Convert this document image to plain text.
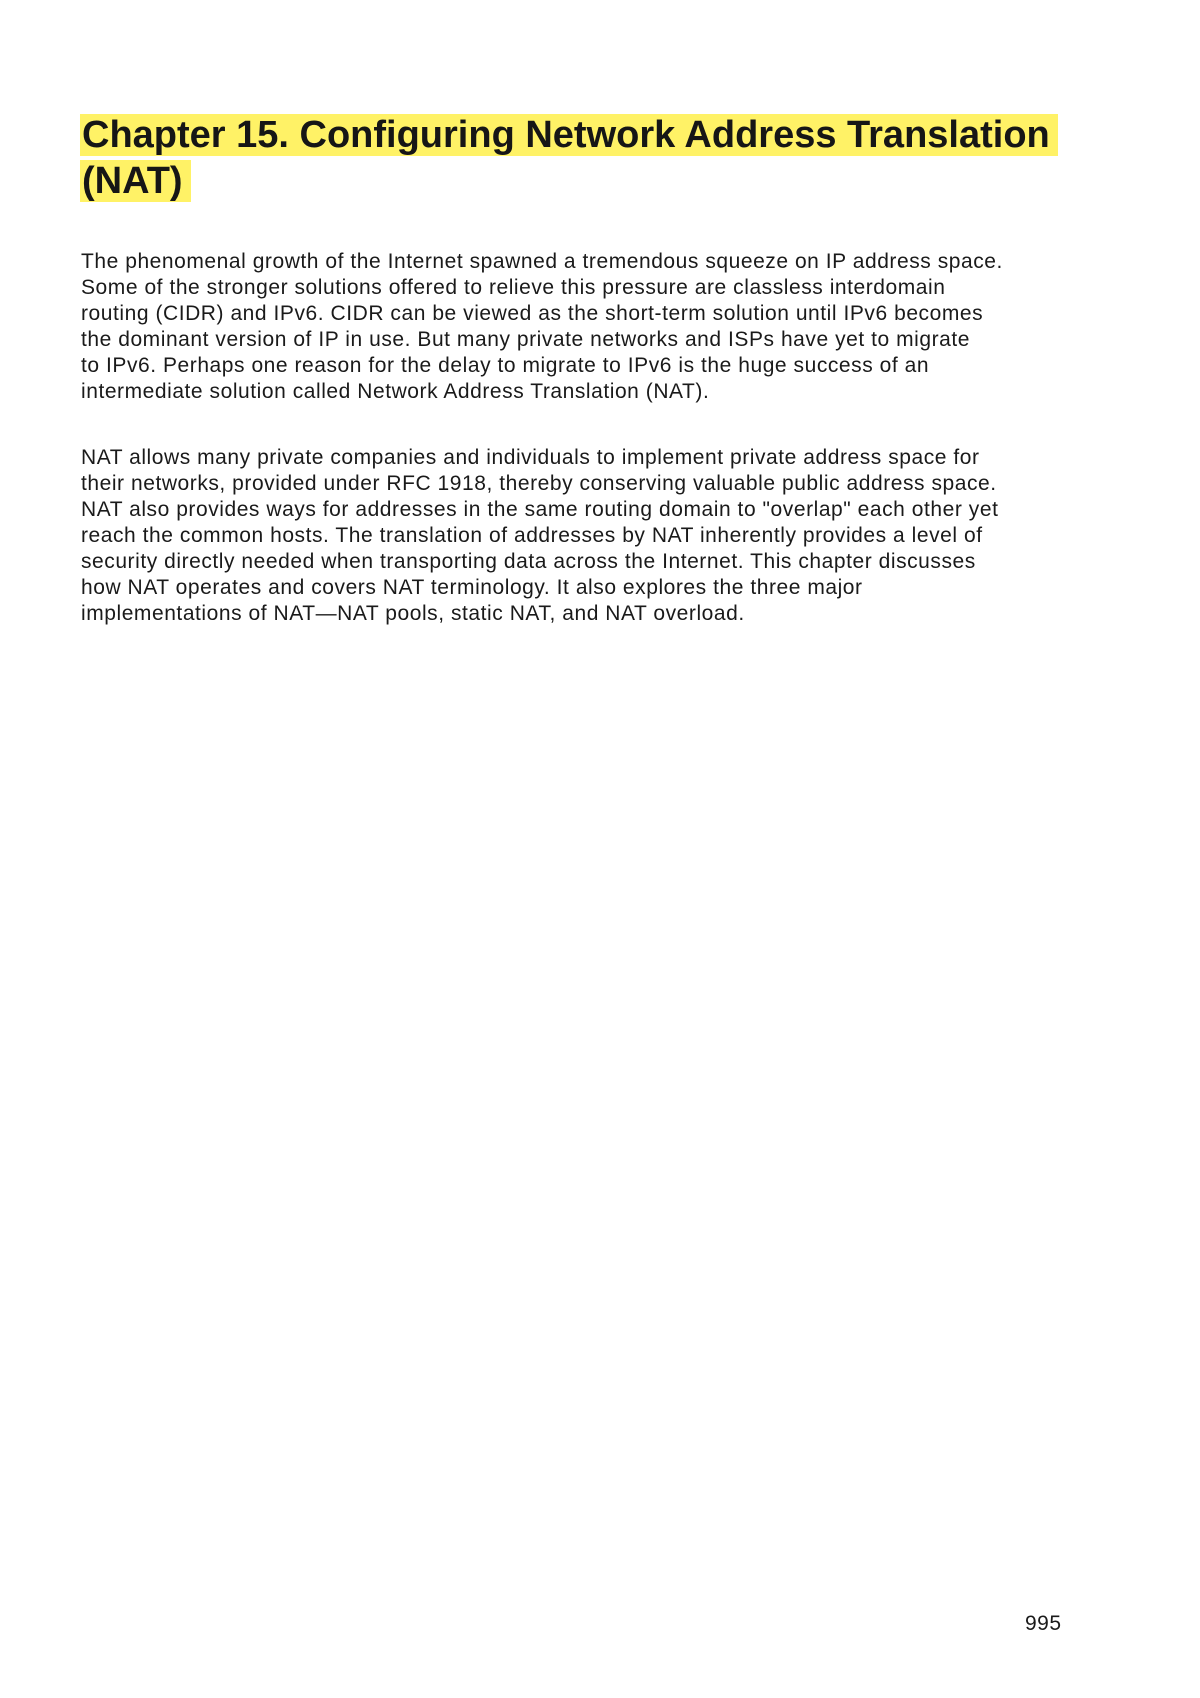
Chapter 15. Configuring Network Address Translation
(NAT)

The phenomenal growth of the Internet spawned a tremendous squeeze on IP address space.
Some of the stronger solutions offered to relieve this pressure are classless interdomain
routing (CIDR) and IPv6. CIDR can be viewed as the short-term solution until IPv6 becomes
the dominant version of IP in use. But many private networks and ISPs have yet to migrate
to IPv6. Perhaps one reason for the delay to migrate to IPv6 is the huge success of an
intermediate solution called Network Address Translation (NAT).

NAT allows many private companies and individuals to implement private address space for
their networks, provided under RFC 1918, thereby conserving valuable public address space.
NAT also provides ways for addresses in the same routing domain to "overlap" each other yet
reach the common hosts. The translation of addresses by NAT inherently provides a level of
security directly needed when transporting data across the Internet. This chapter discusses
how NAT operates and covers NAT terminology. It also explores the three major
implementations of NAT—NAT pools, static NAT, and NAT overload.

995
